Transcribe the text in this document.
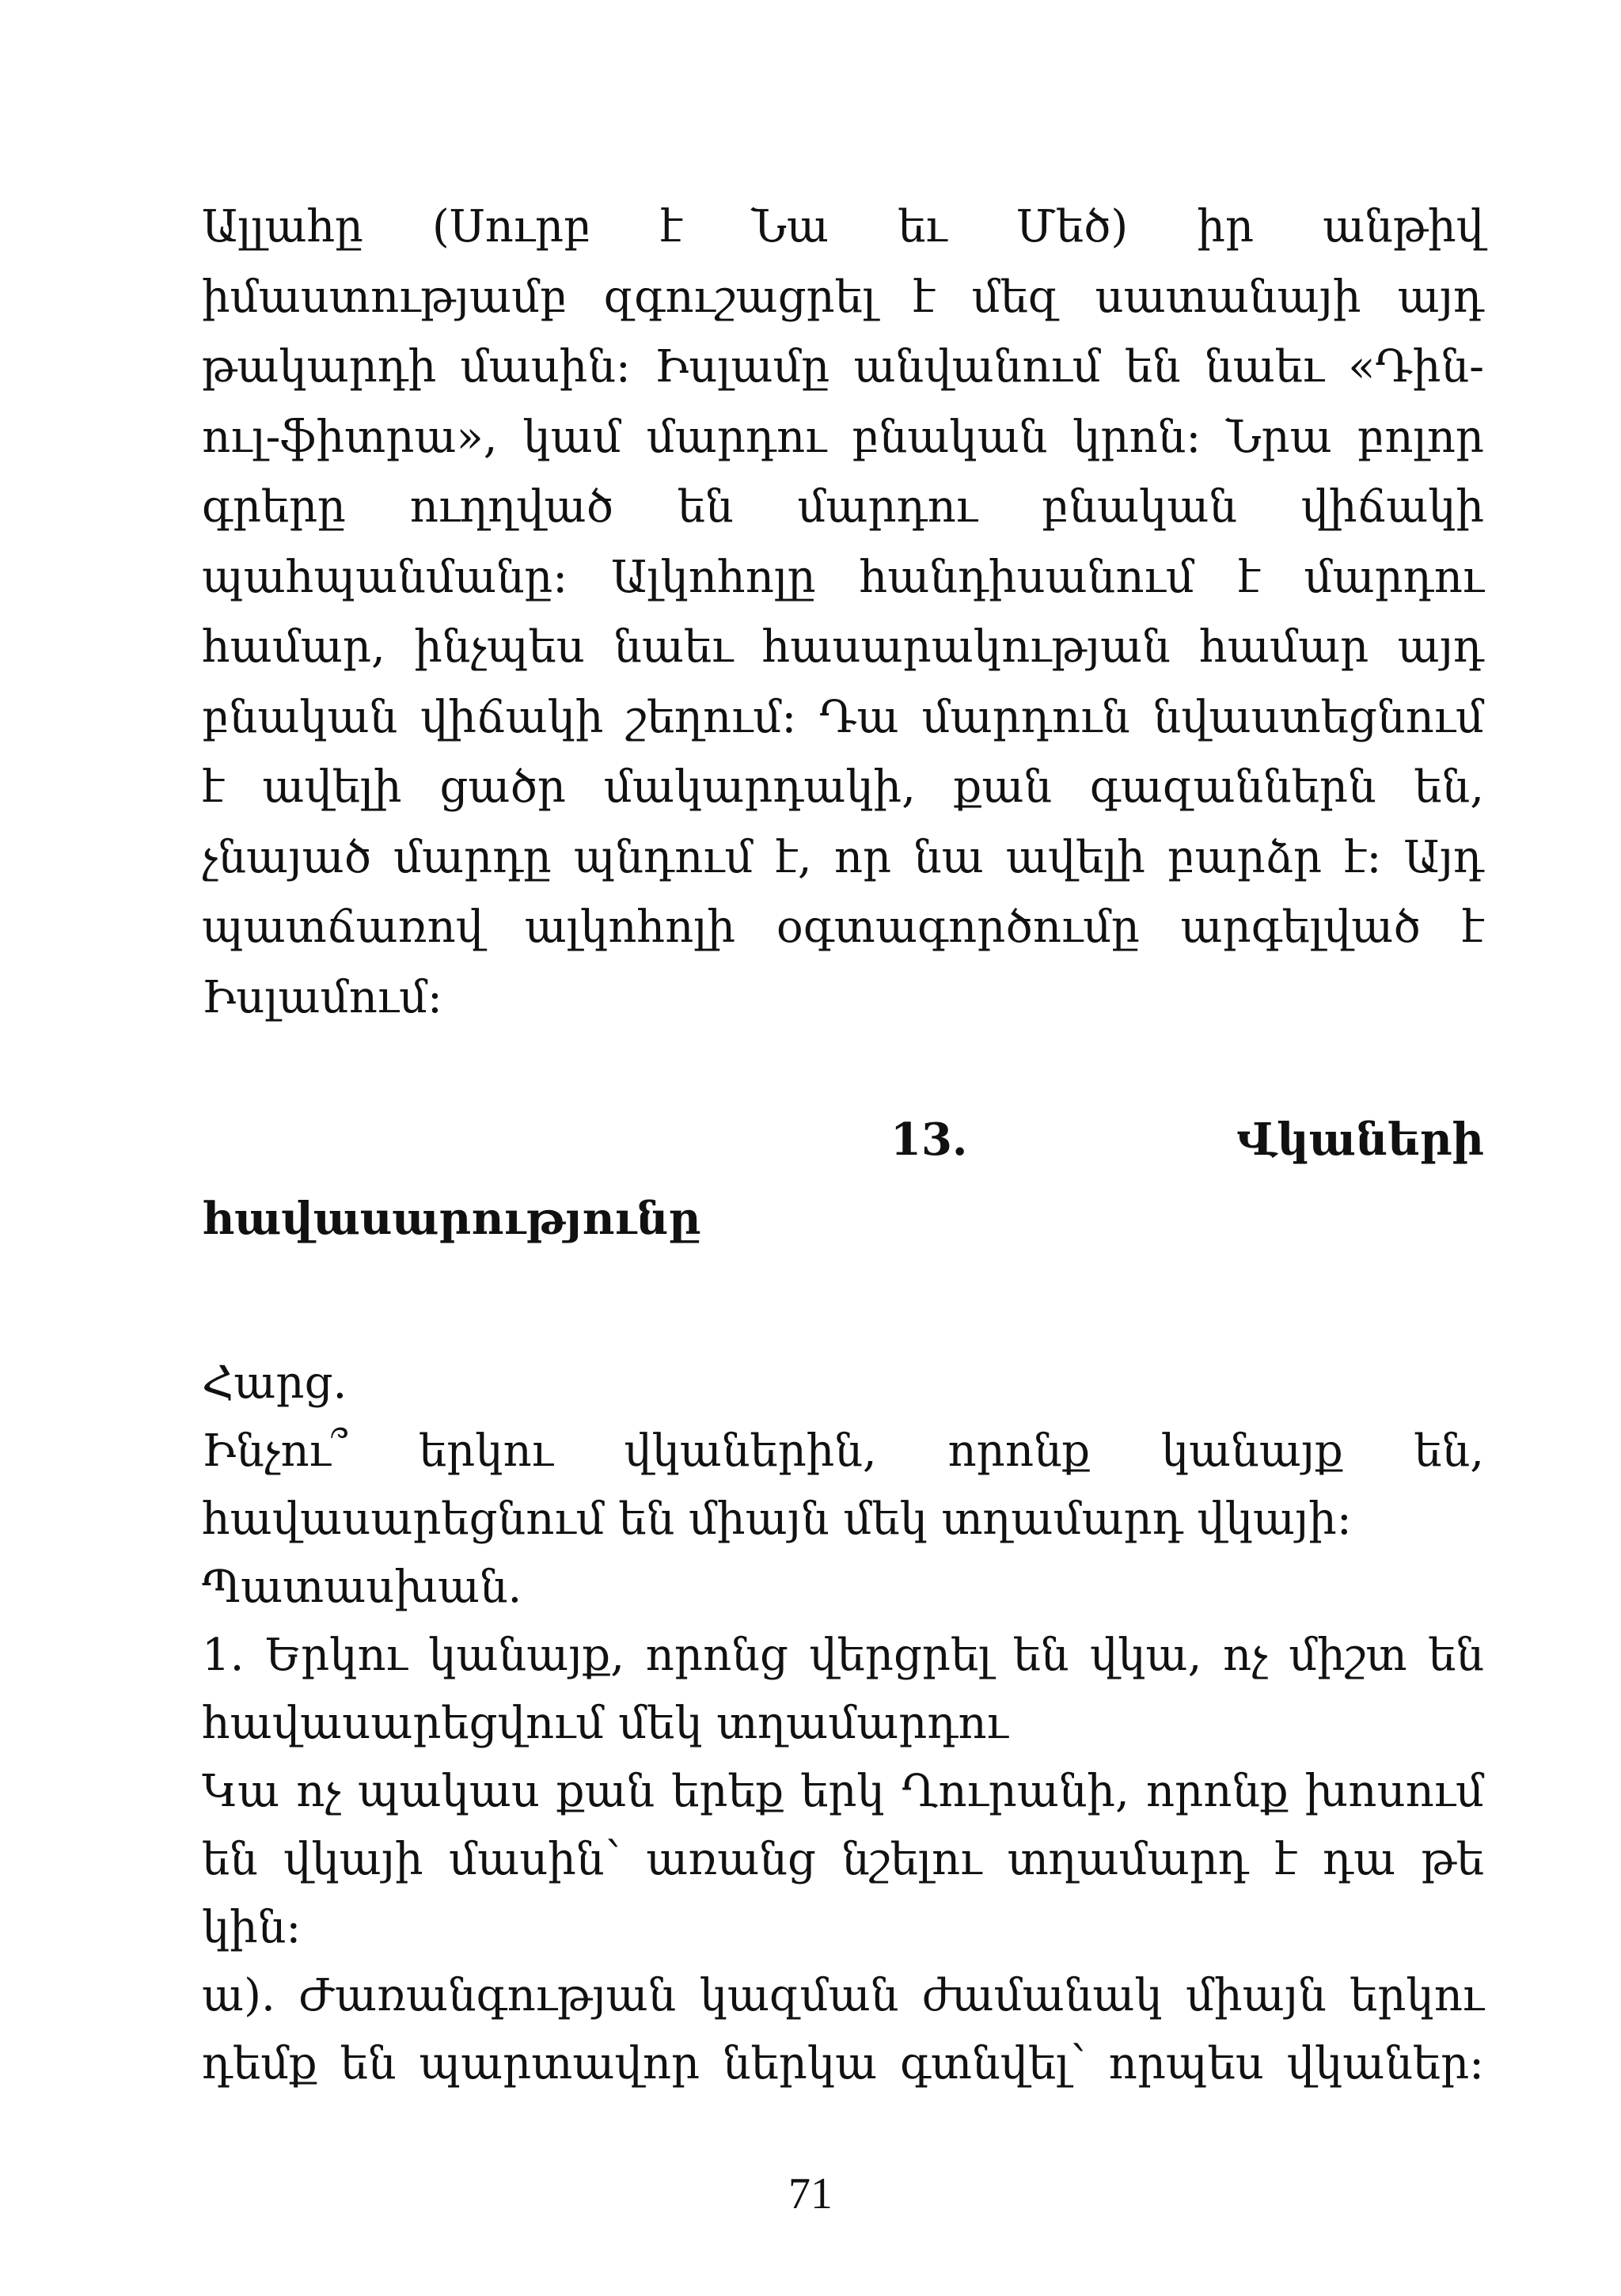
Ալլահը (Սուրբ է Նա եւ Մեծ) իր անթիվ իմաստությամբ զգուշացրել է մեզ սատանայի այդ թակարդի մասին: Իսլամը անվանում են նաեւ «Դին-ուլ-ֆիտրա», կամ մարդու բնական կրոն: Նրա բոլոր գրերը ուղղված են մարդու բնական վիճակի պահպանմանը: Ալկոհոլը հանդիսանում է մարդու համար, ինչպես նաեւ հասարակության համար այդ բնական վիճակի շեղում: Դա մարդուն նվաստեցնում է ավելի ցածր մակարդակի, քան գազաններն են, չնայած մարդը պնդում է, որ նա ավելի բարձր է: Այդ պատճառով ալկոհոլի օգտագործումը արգելված է Իսլամում:
13.	Վկաների
հավասարությունը

Հարց.

Ինչու՞ երկու վկաներին, որոնք կանայք են, հավասարեցնում են միայն մեկ տղամարդ վկայի:

Պատասխան.

1. Երկու կանայք, որոնց վերցրել են վկա, ոչ միշտ են հավասարեցվում մեկ տղամարդու

Կա ոչ պակաս քան երեք երկ Ղուրանի, որոնք խոսում են վկայի մասին՝ առանց նշելու տղամարդ է դա թե կին:

ա). Ժառանգության կազման ժամանակ միայն երկու դեմք են պարտավոր ներկա գտնվել՝ որպես վկաներ:

71
